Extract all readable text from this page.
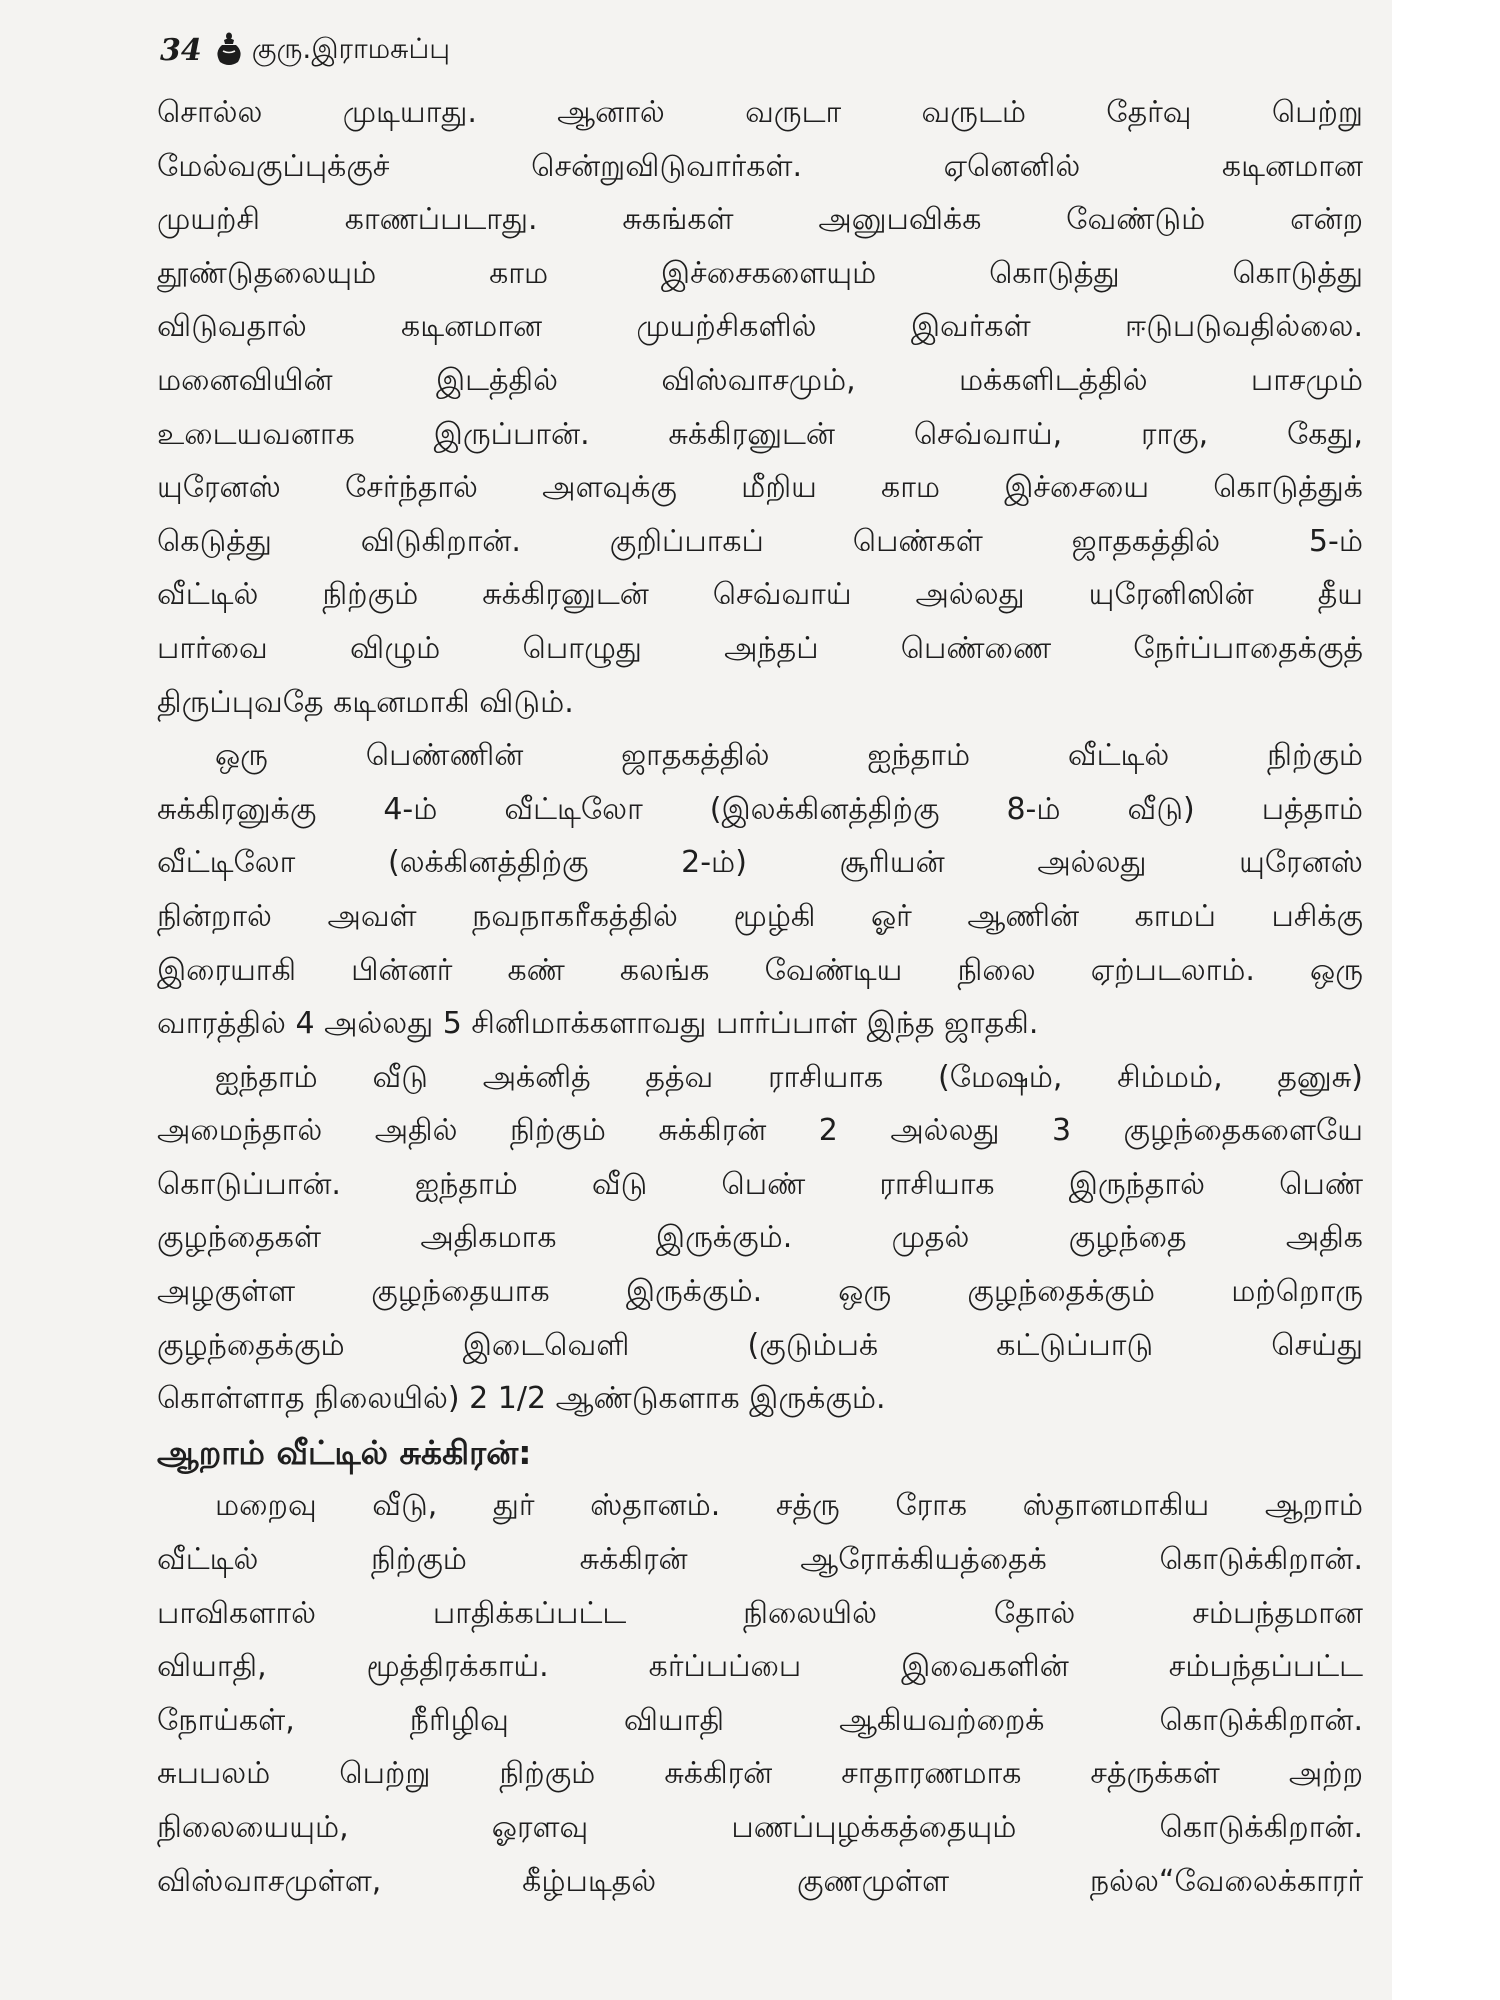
34 குரு.இராமசுப்பு
சொல்ல முடியாது. ஆனால் வருடா வருடம் தேர்வு பெற்று
மேல்வகுப்புக்குச் சென்றுவிடுவார்கள். ஏனெனில் கடினமான
முயற்சி காணப்படாது. சுகங்கள் அனுபவிக்க வேண்டும் என்ற
தூண்டுதலையும் காம இச்சைகளையும் கொடுத்து கொடுத்து
விடுவதால் கடினமான முயற்சிகளில் இவர்கள் ஈடுபடுவதில்லை.
மனைவியின் இடத்தில் விஸ்வாசமும், மக்களிடத்தில் பாசமும்
உடையவனாக இருப்பான். சுக்கிரனுடன் செவ்வாய், ராகு, கேது,
யுரேனஸ் சேர்ந்தால் அளவுக்கு மீறிய காம இச்சையை கொடுத்துக்
கெடுத்து விடுகிறான். குறிப்பாகப் பெண்கள் ஜாதகத்தில் 5-ம்
வீட்டில் நிற்கும் சுக்கிரனுடன் செவ்வாய் அல்லது யுரேனிஸின் தீய
பார்வை விழும் பொழுது அந்தப் பெண்ணை நேர்ப்பாதைக்குத்
திருப்புவதே கடினமாகி விடும்.
ஒரு பெண்ணின் ஜாதகத்தில் ஐந்தாம் வீட்டில் நிற்கும்
சுக்கிரனுக்கு 4-ம் வீட்டிலோ (இலக்கினத்திற்கு 8-ம் வீடு) பத்தாம்
வீட்டிலோ (லக்கினத்திற்கு 2-ம்) சூரியன் அல்லது யுரேனஸ்
நின்றால் அவள் நவநாகரீகத்தில் மூழ்கி ஓர் ஆணின் காமப் பசிக்கு
இரையாகி பின்னர் கண் கலங்க வேண்டிய நிலை ஏற்படலாம். ஒரு
வாரத்தில் 4 அல்லது 5 சினிமாக்களாவது பார்ப்பாள் இந்த ஜாதகி.
ஐந்தாம் வீடு அக்னித் தத்வ ராசியாக (மேஷம், சிம்மம், தனுசு)
அமைந்தால் அதில் நிற்கும் சுக்கிரன் 2 அல்லது 3 குழந்தைகளையே
கொடுப்பான். ஐந்தாம் வீடு பெண் ராசியாக இருந்தால் பெண்
குழந்தைகள் அதிகமாக இருக்கும். முதல் குழந்தை அதிக
அழகுள்ள குழந்தையாக இருக்கும். ஒரு குழந்தைக்கும் மற்றொரு
குழந்தைக்கும் இடைவெளி (குடும்பக் கட்டுப்பாடு செய்து
கொள்ளாத நிலையில்) 2 1/2 ஆண்டுகளாக இருக்கும்.
ஆறாம் வீட்டில் சுக்கிரன்:
மறைவு வீடு, துர் ஸ்தானம். சத்ரு ரோக ஸ்தானமாகிய ஆறாம்
வீட்டில் நிற்கும் சுக்கிரன் ஆரோக்கியத்தைக் கொடுக்கிறான்.
பாவிகளால் பாதிக்கப்பட்ட நிலையில் தோல் சம்பந்தமான
வியாதி, மூத்திரக்காய். கர்ப்பப்பை இவைகளின் சம்பந்தப்பட்ட
நோய்கள், நீரிழிவு வியாதி ஆகியவற்றைக் கொடுக்கிறான்.
சுபபலம் பெற்று நிற்கும் சுக்கிரன் சாதாரணமாக சத்ருக்கள் அற்ற
நிலையையும், ஓரளவு பணப்புழக்கத்தையும் கொடுக்கிறான்.
விஸ்வாசமுள்ள, கீழ்படிதல் குணமுள்ள நல்ல“வேலைக்காரர்
